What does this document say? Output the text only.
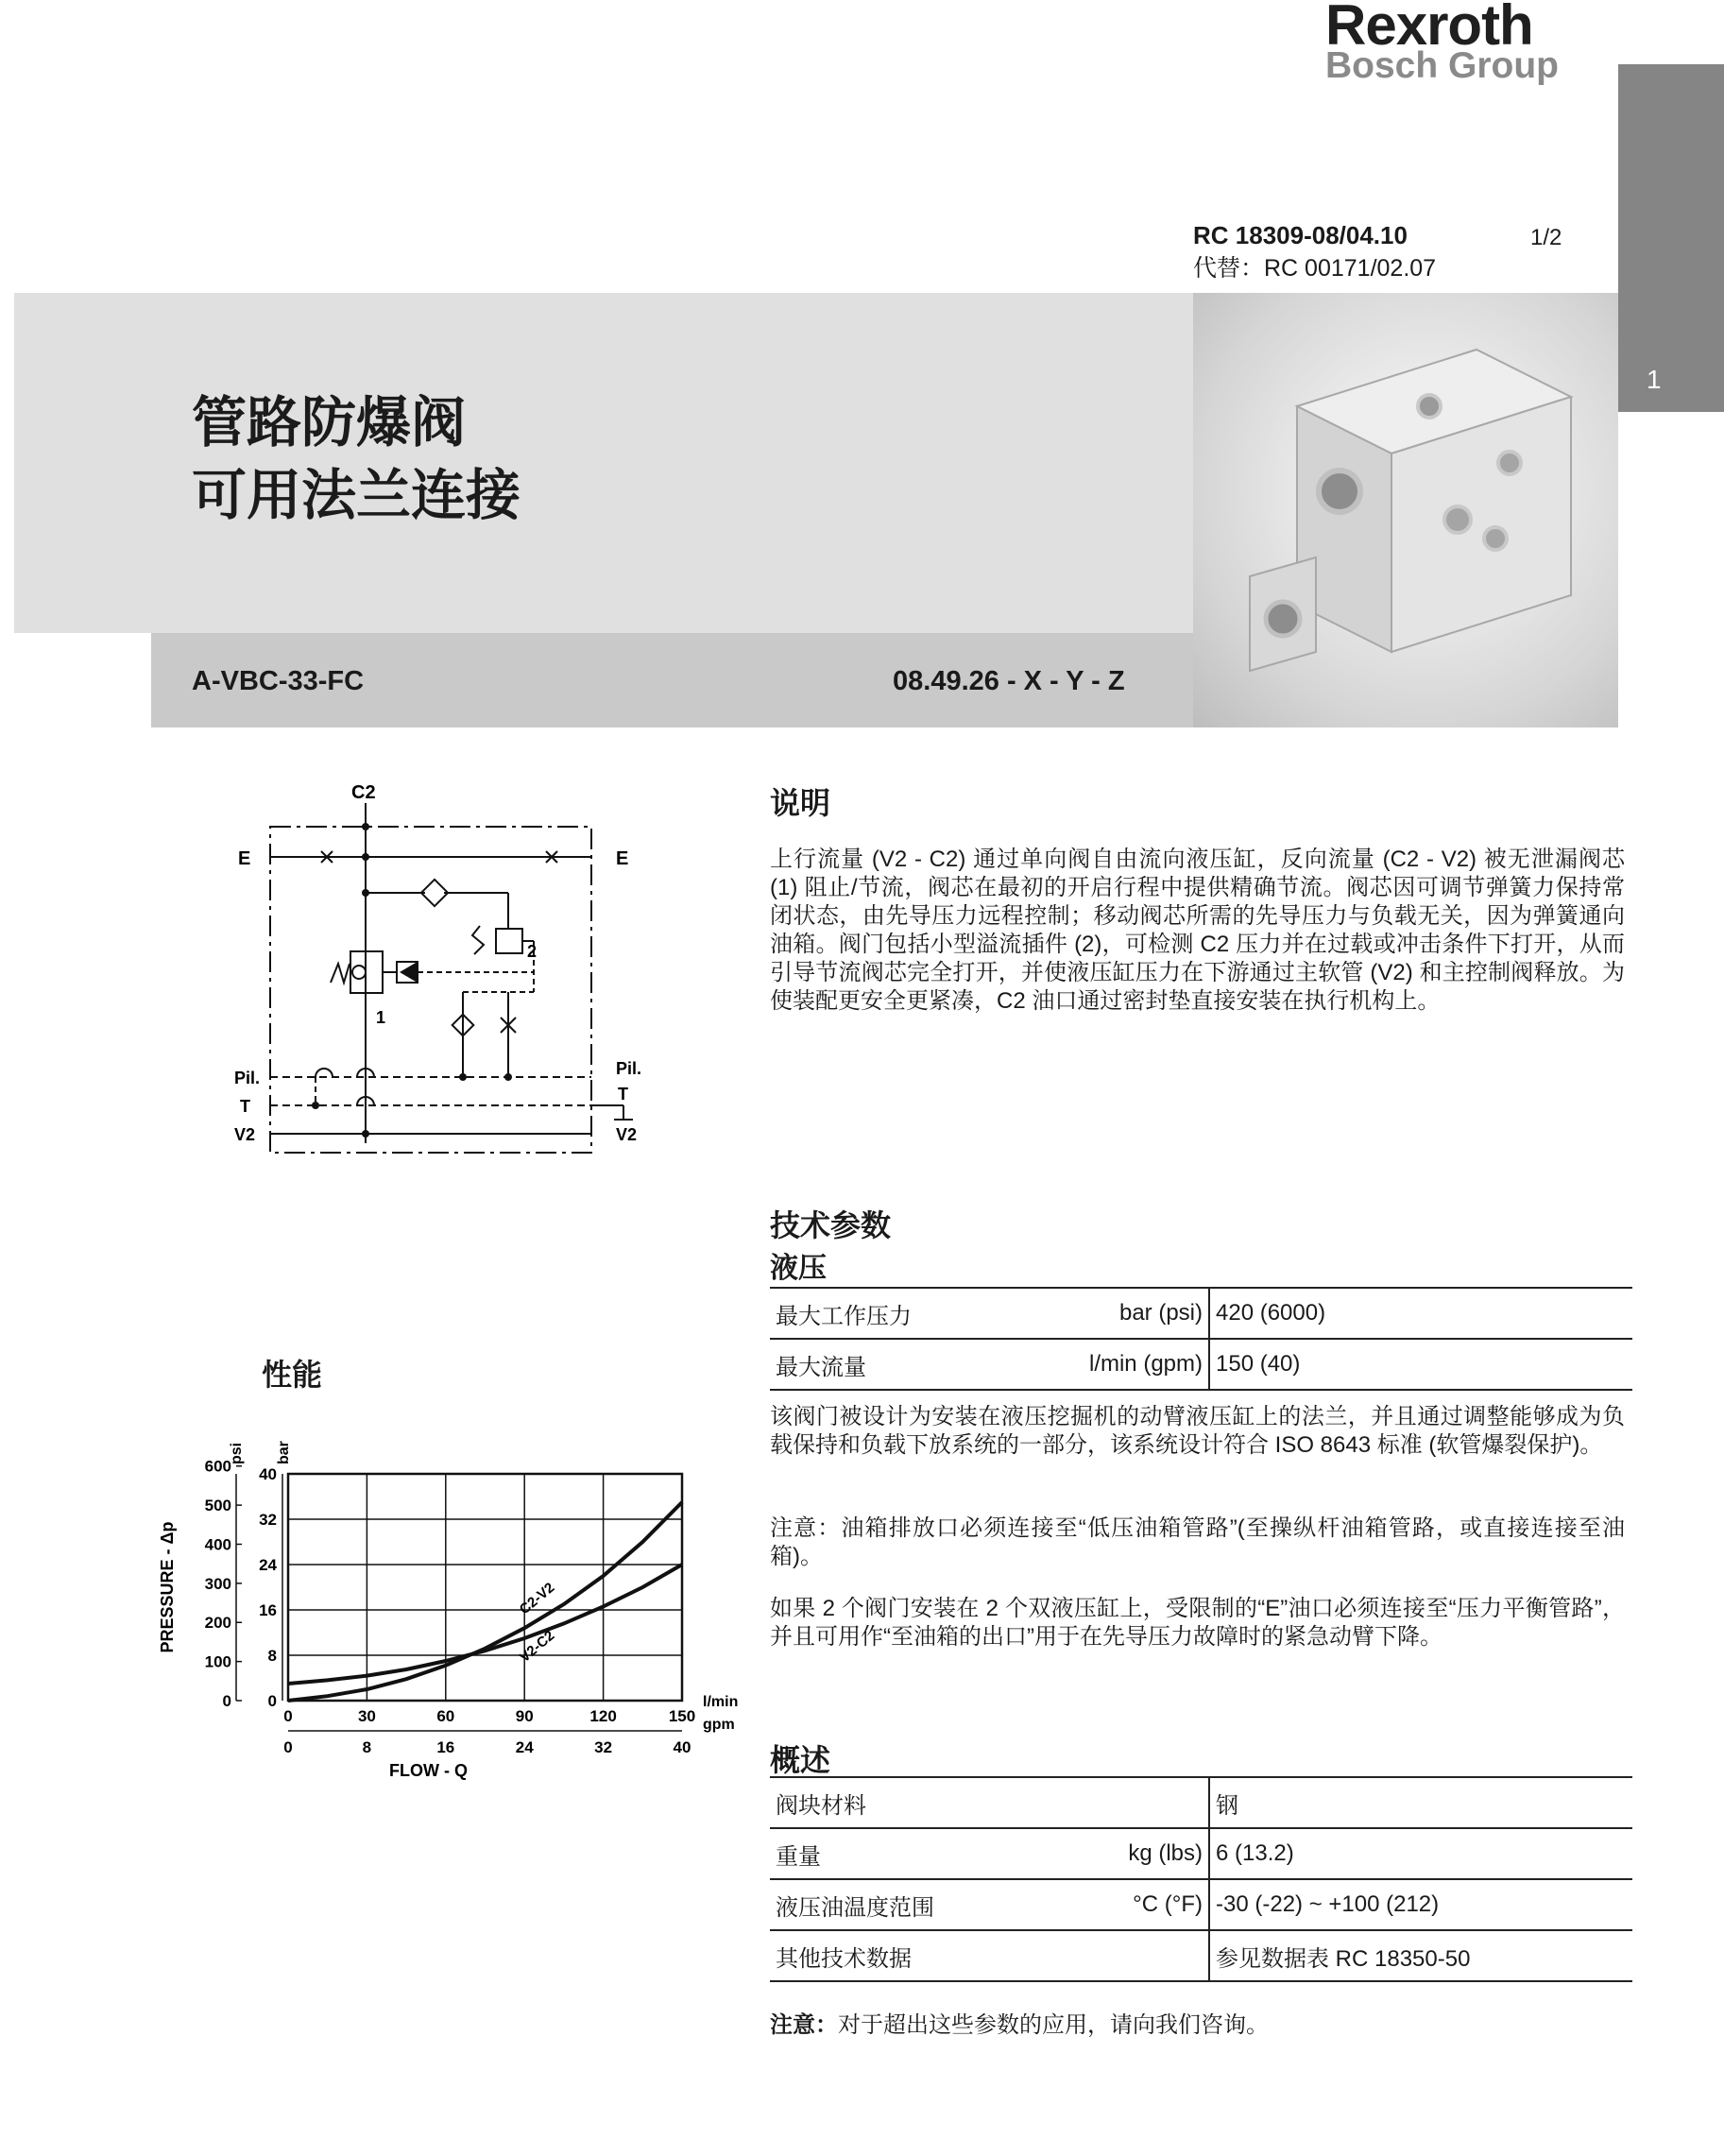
Rexroth
Bosch Group
1
RC 18309-08/04.10
代替：RC 00171/02.07
1/2
管路防爆阀
可用法兰连接
A-VBC-33-FC	08.49.26 - X - Y - Z
C2
E	E
1
2
Pil.
T
V2
Pil.
T
V2
说明
上行流量 (V2 - C2) 通过单向阀自由流向液压缸，反向流量 (C2 - V2) 被无泄漏阀芯 (1) 阻止/节流，阀芯在最初的开启行程中提供精确节流。阀芯因可调节弹簧力保持常闭状态，由先导压力远程控制；移动阀芯所需的先导压力与负载无关，因为弹簧通向油箱。阀门包括小型溢流插件 (2)，可检测 C2 压力并在过载或冲击条件下打开，从而引导节流阀芯完全打开，并使液压缸压力在下游通过主软管 (V2) 和主控制阀释放。为使装配更安全更紧凑，C2 油口通过密封垫直接安装在执行机构上。
技术参数
液压
最大工作压力	bar (psi)	420 (6000)
最大流量	l/min (gpm)	150 (40)
该阀门被设计为安装在液压挖掘机的动臂液压缸上的法兰，并且通过调整能够成为负载保持和负载下放系统的一部分，该系统设计符合 ISO 8643 标准 (软管爆裂保护)。
注意：油箱排放口必须连接至“低压油箱管路”(至操纵杆油箱管路，或直接连接至油箱)。
如果 2 个阀门安装在 2 个双液压缸上，受限制的“E”油口必须连接至“压力平衡管路”，并且可用作“至油箱的出口”用于在先导压力故障时的紧急动臂下降。
概述
阀块材料		钢
重量	kg (lbs)	6 (13.2)
液压油温度范围	°C (°F)	-30 (-22) ~ +100 (212)
其他技术数据		参见数据表 RC 18350-50
注意：对于超出这些参数的应用，请向我们咨询。
性能
0	30	60	90	120	150
0	8	16	24	32	40
0
8
16
24
32
40
0
100
200
300
400
500
600
l/min
gpm
bar
psi
FLOW - Q
PRESSURE - Δp	C2-V2
V2-C2
